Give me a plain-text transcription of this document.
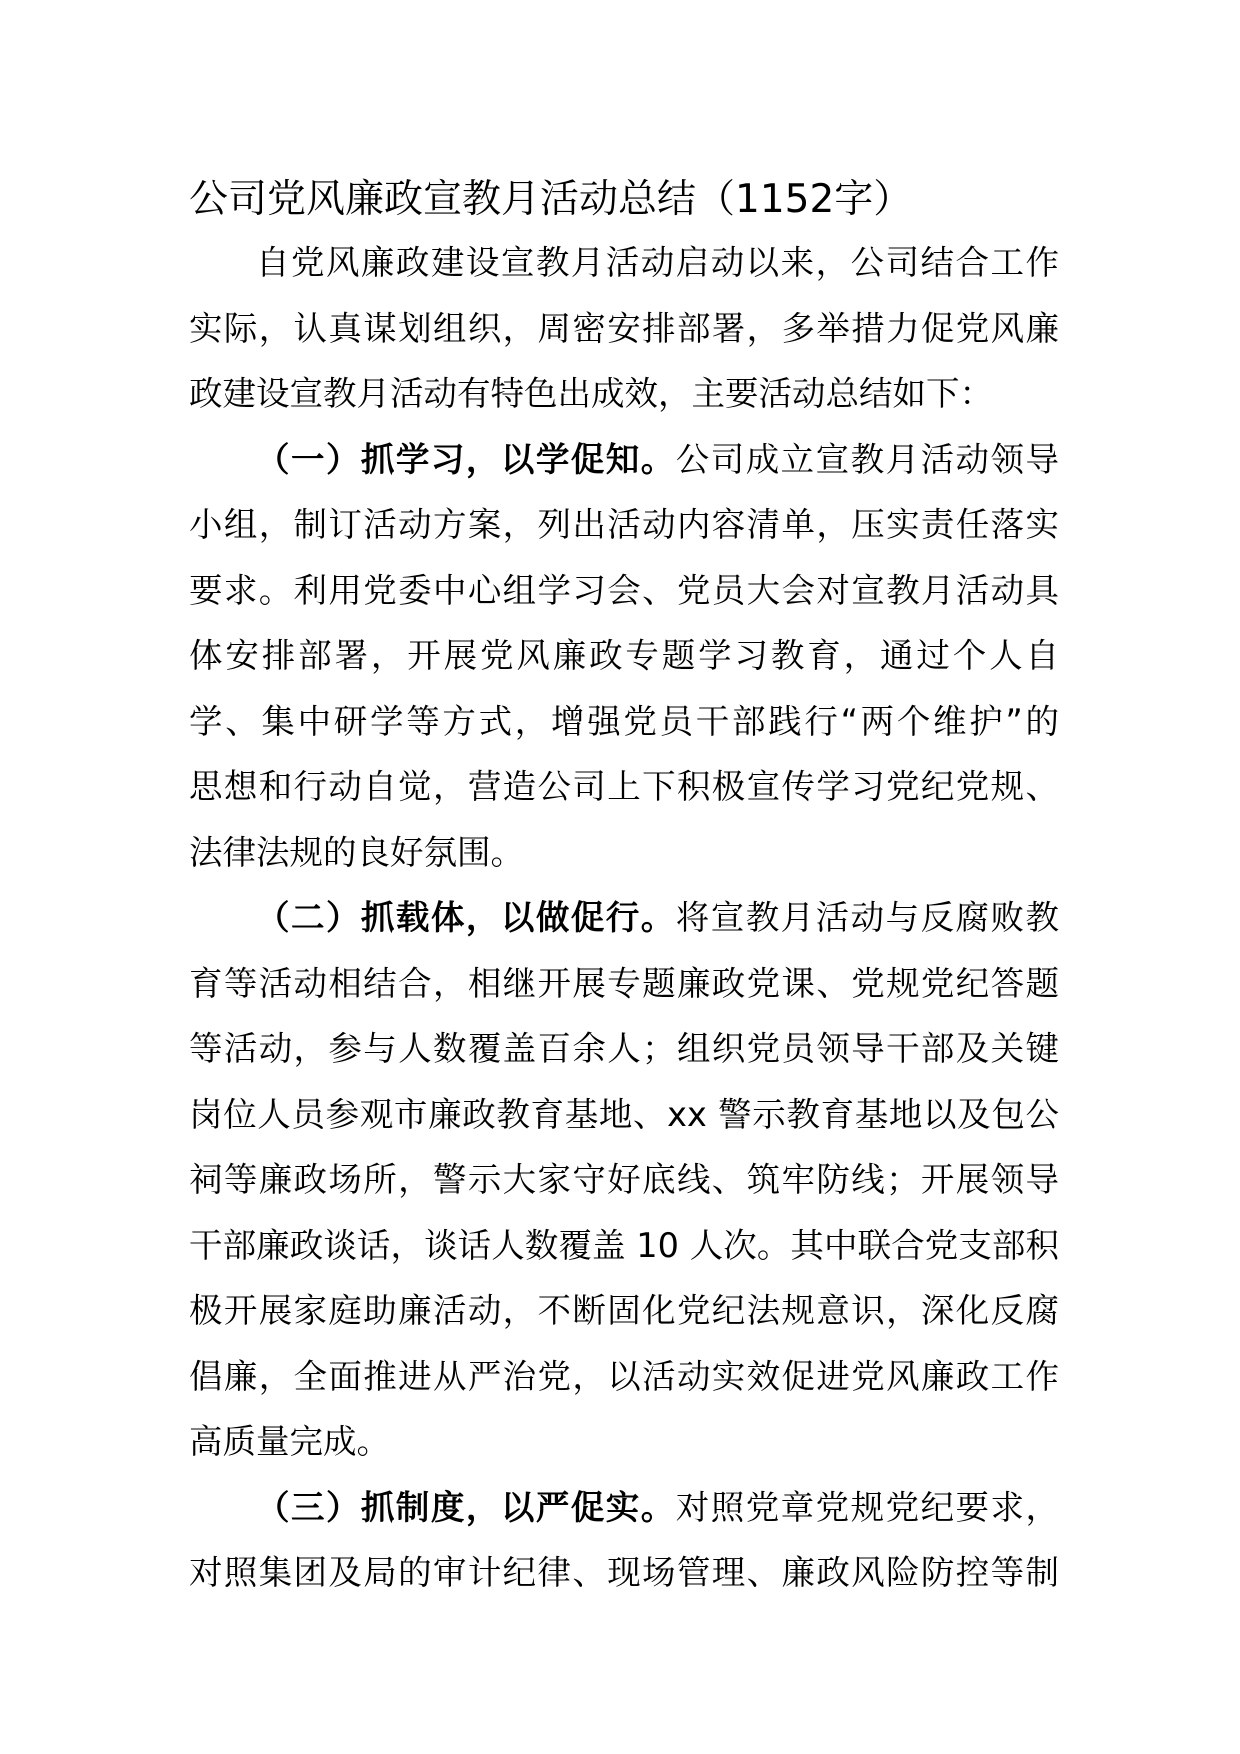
公司党风廉政宣教月活动总结（1152字）
自党风廉政建设宣教月活动启动以来，公司结合工作
实际，认真谋划组织，周密安排部署，多举措力促党风廉
政建设宣教月活动有特色出成效，主要活动总结如下：
（一）抓学习，以学促知。公司成立宣教月活动领导
小组，制订活动方案，列出活动内容清单，压实责任落实
要求。利用党委中心组学习会、党员大会对宣教月活动具
体安排部署，开展党风廉政专题学习教育，通过个人自
学、集中研学等方式，增强党员干部践行“两个维护”的
思想和行动自觉，营造公司上下积极宣传学习党纪党规、
法律法规的良好氛围。
（二）抓载体，以做促行。将宣教月活动与反腐败教
育等活动相结合，相继开展专题廉政党课、党规党纪答题
等活动，参与人数覆盖百余人；组织党员领导干部及关键
岗位人员参观市廉政教育基地、xx 警示教育基地以及包公
祠等廉政场所，警示大家守好底线、筑牢防线；开展领导
干部廉政谈话，谈话人数覆盖 10 人次。其中联合党支部积
极开展家庭助廉活动，不断固化党纪法规意识，深化反腐
倡廉，全面推进从严治党，以活动实效促进党风廉政工作
高质量完成。
（三）抓制度，以严促实。对照党章党规党纪要求，
对照集团及局的审计纪律、现场管理、廉政风险防控等制
